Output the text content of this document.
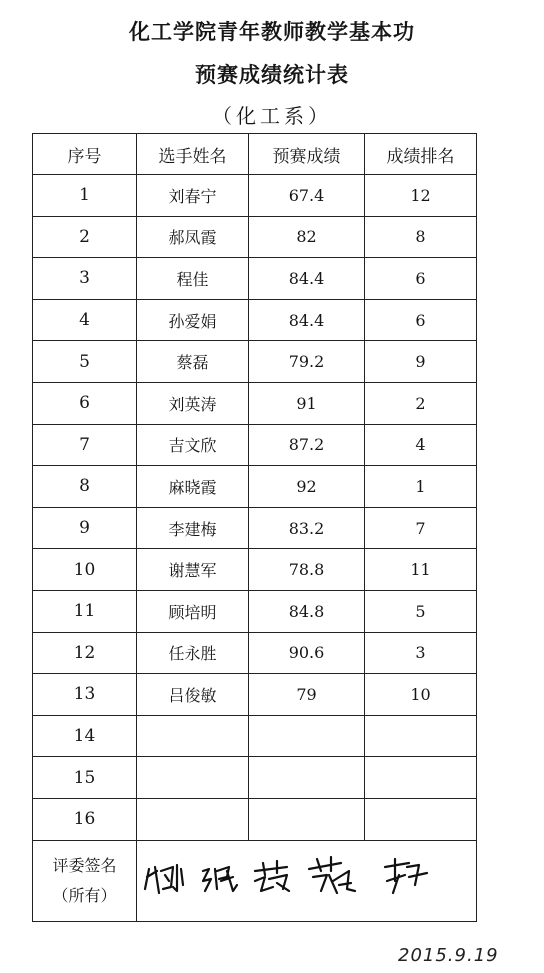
化工学院青年教师教学基本功
预赛成绩统计表
（化工系）
序号	选手姓名	预赛成绩	成绩排名
1	刘春宁	67.4	12
2	郝凤霞	82	8
3	程佳	84.4	6
4	孙爱娟	84.4	6
5	蔡磊	79.2	9
6	刘英涛	91	2
7	吉文欣	87.2	4
8	麻晓霞	92	1
9	李建梅	83.2	7
10	谢慧军	78.8	11
11	顾培明	84.8	5
12	任永胜	90.6	3
13	吕俊敏	79	10
14			
15			
16			

评委签名
（所有）

2015.9.19
